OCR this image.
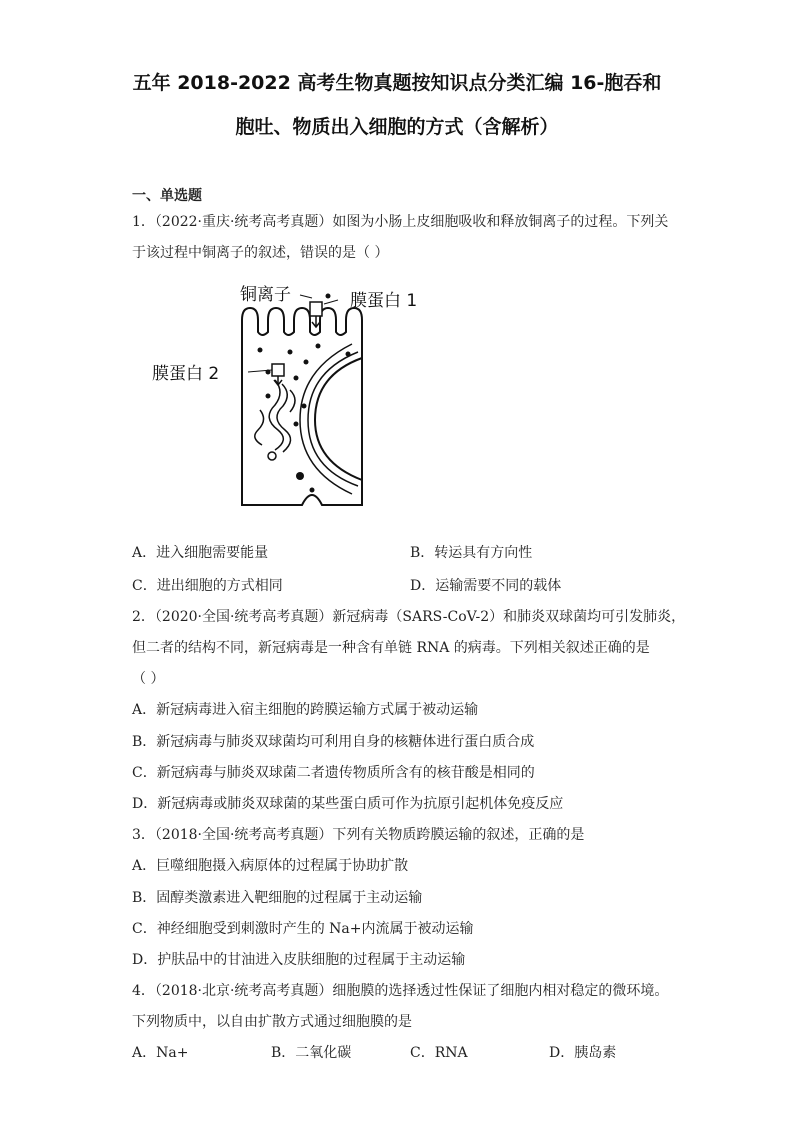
五年 2018-2022 高考生物真题按知识点分类汇编 16-胞吞和
胞吐、物质出入细胞的方式（含解析）
一、单选题
1．（2022·重庆·统考高考真题）如图为小肠上皮细胞吸收和释放铜离子的过程。下列关
于该过程中铜离子的叙述，错误的是（ ）
铜离子	膜蛋白 1
膜蛋白 2
A．进入细胞需要能量	B．转运具有方向性
C．进出细胞的方式相同	D．运输需要不同的载体
2．（2020·全国·统考高考真题）新冠病毒（SARS-CoV-2）和肺炎双球菌均可引发肺炎，
但二者的结构不同，新冠病毒是一种含有单链 RNA 的病毒。下列相关叙述正确的是
（ ）
A．新冠病毒进入宿主细胞的跨膜运输方式属于被动运输
B．新冠病毒与肺炎双球菌均可利用自身的核糖体进行蛋白质合成
C．新冠病毒与肺炎双球菌二者遗传物质所含有的核苷酸是相同的
D．新冠病毒或肺炎双球菌的某些蛋白质可作为抗原引起机体免疫反应
3．（2018·全国·统考高考真题）下列有关物质跨膜运输的叙述，正确的是
A．巨噬细胞摄入病原体的过程属于协助扩散
B．固醇类激素进入靶细胞的过程属于主动运输
C．神经细胞受到刺激时产生的 Na+内流属于被动运输
D．护肤品中的甘油进入皮肤细胞的过程属于主动运输
4．（2018·北京·统考高考真题）细胞膜的选择透过性保证了细胞内相对稳定的微环境。
下列物质中，以自由扩散方式通过细胞膜的是
A．Na+	B．二氧化碳	C．RNA	D．胰岛素
